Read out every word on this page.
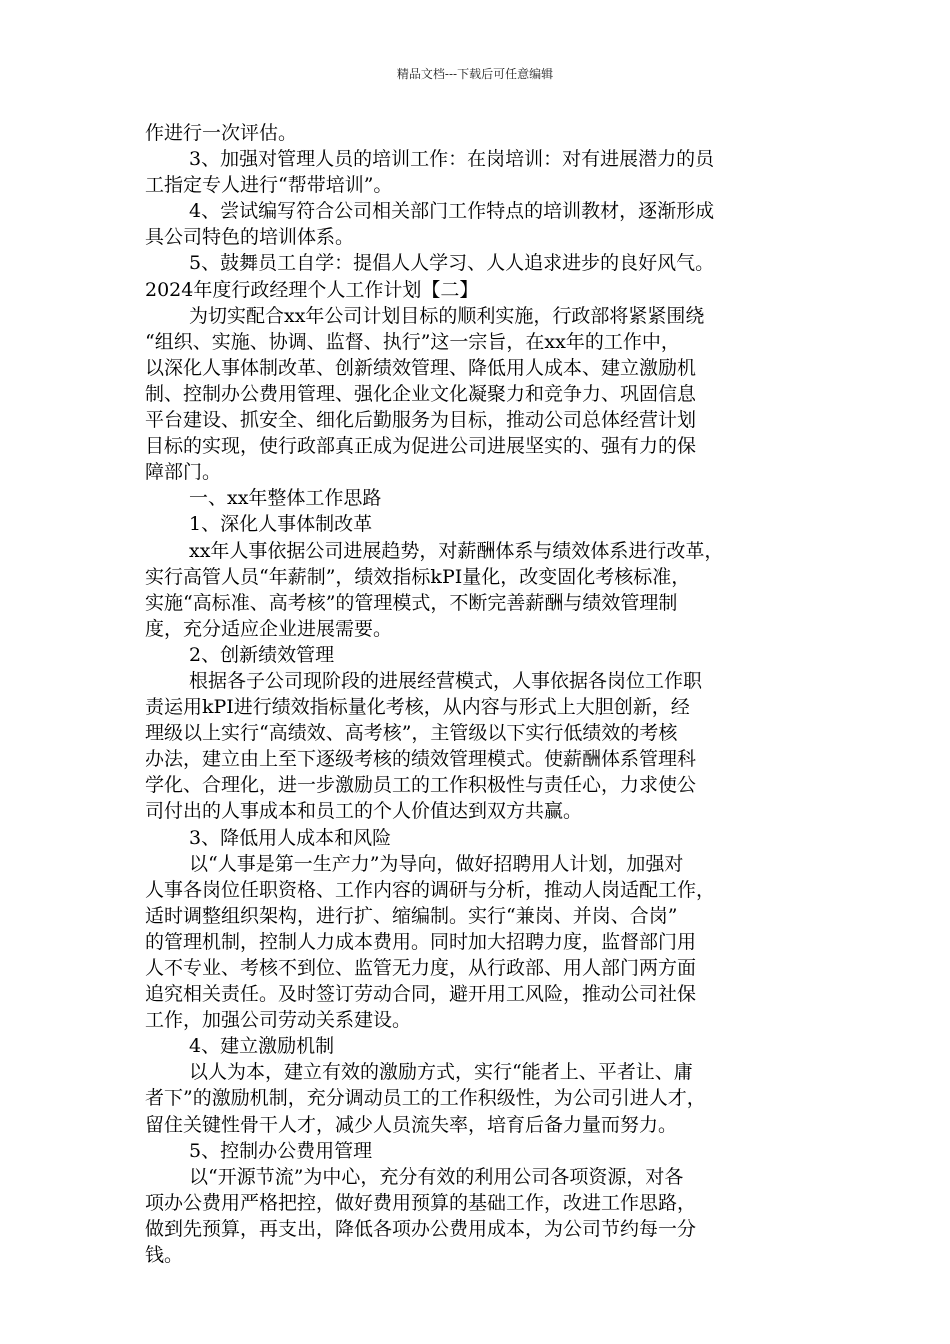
精品文档---下载后可任意编辑
作进行一次评估。
3、加强对管理人员的培训工作：在岗培训：对有进展潜力的员
工指定专人进行“帮带培训”。
4、尝试编写符合公司相关部门工作特点的培训教材，逐渐形成
具公司特色的培训体系。
5、鼓舞员工自学：提倡人人学习、人人追求进步的良好风气。
2024年度行政经理个人工作计划【二】
为切实配合xx年公司计划目标的顺利实施，行政部将紧紧围绕
“组织、实施、协调、监督、执行”这一宗旨，在xx年的工作中，
以深化人事体制改革、创新绩效管理、降低用人成本、建立激励机
制、控制办公费用管理、强化企业文化凝聚力和竞争力、巩固信息
平台建设、抓安全、细化后勤服务为目标，推动公司总体经营计划
目标的实现，使行政部真正成为促进公司进展坚实的、强有力的保
障部门。
一、xx年整体工作思路
1、深化人事体制改革
xx年人事依据公司进展趋势，对薪酬体系与绩效体系进行改革，
实行高管人员“年薪制”，绩效指标kPI量化，改变固化考核标准，
实施“高标准、高考核”的管理模式，不断完善薪酬与绩效管理制
度，充分适应企业进展需要。
2、创新绩效管理
根据各子公司现阶段的进展经营模式，人事依据各岗位工作职
责运用kPI进行绩效指标量化考核，从内容与形式上大胆创新，经
理级以上实行“高绩效、高考核”，主管级以下实行低绩效的考核
办法，建立由上至下逐级考核的绩效管理模式。使薪酬体系管理科
学化、合理化，进一步激励员工的工作积极性与责任心，力求使公
司付出的人事成本和员工的个人价值达到双方共赢。
3、降低用人成本和风险
以“人事是第一生产力”为导向，做好招聘用人计划，加强对
人事各岗位任职资格、工作内容的调研与分析，推动人岗适配工作，
适时调整组织架构，进行扩、缩编制。实行“兼岗、并岗、合岗”
的管理机制，控制人力成本费用。同时加大招聘力度，监督部门用
人不专业、考核不到位、监管无力度，从行政部、用人部门两方面
追究相关责任。及时签订劳动合同，避开用工风险，推动公司社保
工作，加强公司劳动关系建设。
4、建立激励机制
以人为本，建立有效的激励方式，实行“能者上、平者让、庸
者下”的激励机制，充分调动员工的工作积级性，为公司引进人才，
留住关键性骨干人才，减少人员流失率，培育后备力量而努力。
5、控制办公费用管理
以“开源节流”为中心，充分有效的利用公司各项资源，对各
项办公费用严格把控，做好费用预算的基础工作，改进工作思路，
做到先预算，再支出，降低各项办公费用成本，为公司节约每一分
钱。
